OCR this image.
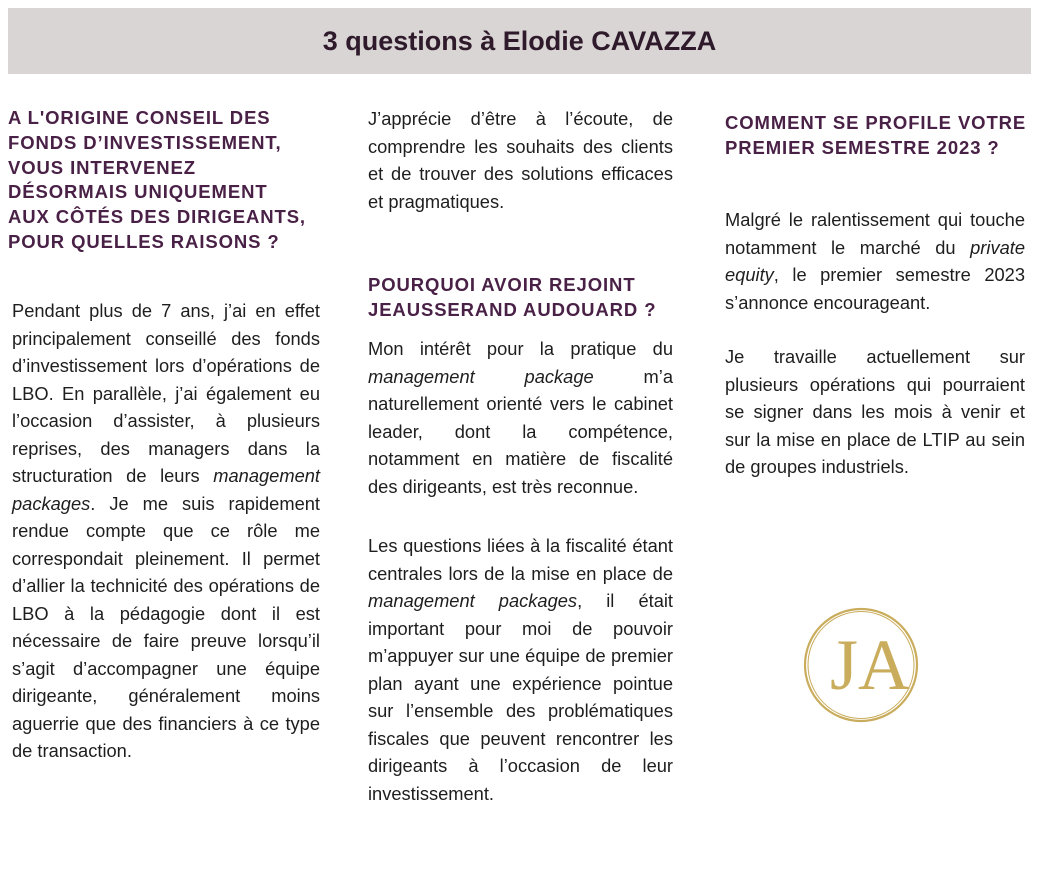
3 questions à Elodie CAVAZZA
A L'ORIGINE CONSEIL DES FONDS D’INVESTISSEMENT, VOUS INTERVENEZ DÉSORMAIS UNIQUEMENT AUX CÔTÉS DES DIRIGEANTS, POUR QUELLES RAISONS ?

Pendant plus de 7 ans, j’ai en effet principalement conseillé des fonds d’investissement lors d’opérations de LBO. En parallèle, j’ai également eu l’occasion d’assister, à plusieurs reprises, des managers dans la structuration de leurs management packages. Je me suis rapidement rendue compte que ce rôle me correspondait pleinement. Il permet d’allier la technicité des opérations de LBO à la pédagogie dont il est nécessaire de faire preuve lorsqu’il s’agit d’accompagner une équipe dirigeante, généralement moins aguerrie que des financiers à ce type de transaction.

J’apprécie d’être à l’écoute, de comprendre les souhaits des clients et de trouver des solutions efficaces et pragmatiques.

POURQUOI AVOIR REJOINT JEAUSSERAND AUDOUARD ?

Mon intérêt pour la pratique du management package m’a naturellement orienté vers le cabinet leader, dont la compétence, notamment en matière de fiscalité des dirigeants, est très reconnue.

Les questions liées à la fiscalité étant centrales lors de la mise en place de management packages, il était important pour moi de pouvoir m’appuyer sur une équipe de premier plan ayant une expérience pointue sur l’ensemble des problématiques fiscales que peuvent rencontrer les dirigeants à l’occasion de leur investissement.

COMMENT SE PROFILE VOTRE PREMIER SEMESTRE 2023 ?

Malgré le ralentissement qui touche notamment le marché du private equity, le premier semestre 2023 s’annonce encourageant.

Je travaille actuellement sur plusieurs opérations qui pourraient se signer dans les mois à venir et sur la mise en place de LTIP au sein de groupes industriels.

JA
